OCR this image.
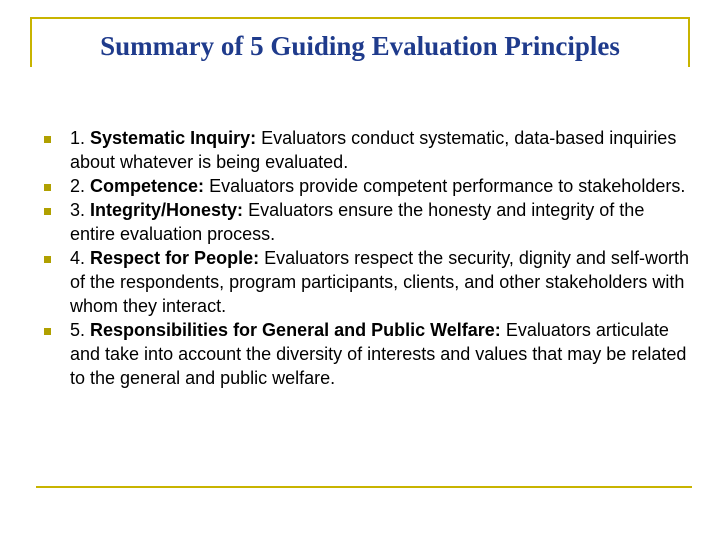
Summary of 5 Guiding Evaluation Principles
1. Systematic Inquiry: Evaluators conduct systematic, data-based inquiries about whatever is being evaluated.
2. Competence: Evaluators provide competent performance to stakeholders.
3. Integrity/Honesty: Evaluators ensure the honesty and integrity of the entire evaluation process.
4. Respect for People: Evaluators respect the security, dignity and self-worth of the respondents, program participants, clients, and other stakeholders with whom they interact.
5. Responsibilities for General and Public Welfare: Evaluators articulate and take into account the diversity of interests and values that may be related to the general and public welfare.
